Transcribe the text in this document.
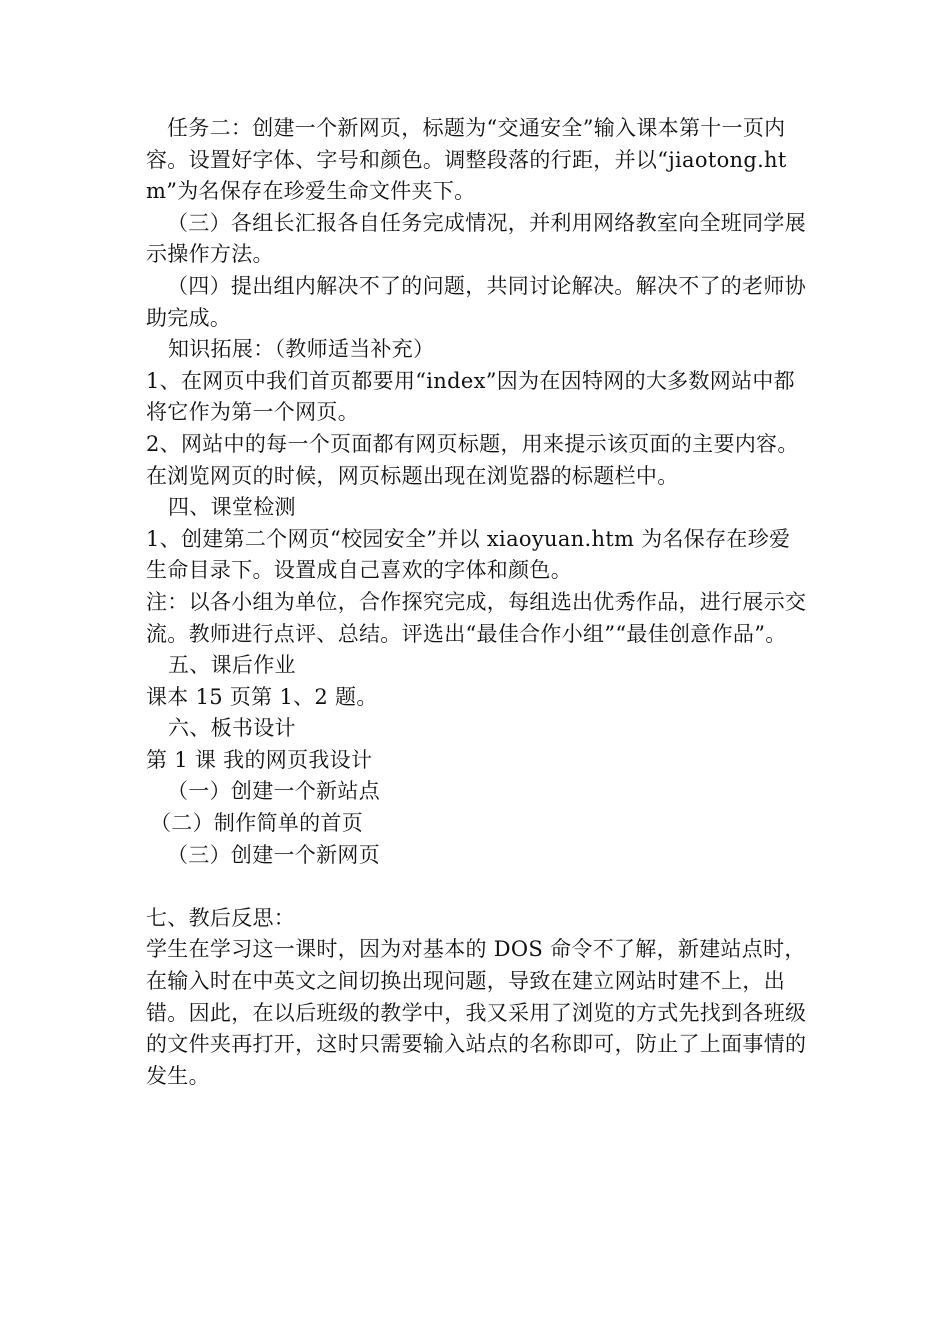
任务二：创建一个新网页，标题为“交通安全”输入课本第十一页内容。设置好字体、字号和颜色。调整段落的行距，并以“jiaotong.htm”为名保存在珍爱生命文件夹下。

（三）各组长汇报各自任务完成情况，并利用网络教室向全班同学展示操作方法。

（四）提出组内解决不了的问题，共同讨论解决。解决不了的老师协助完成。

知识拓展：（教师适当补充）

1、在网页中我们首页都要用“index”因为在因特网的大多数网站中都将它作为第一个网页。

2、网站中的每一个页面都有网页标题，用来提示该页面的主要内容。在浏览网页的时候，网页标题出现在浏览器的标题栏中。

四、课堂检测

1、创建第二个网页“校园安全”并以 xiaoyuan.htm 为名保存在珍爱生命目录下。设置成自己喜欢的字体和颜色。

注：以各小组为单位，合作探究完成，每组选出优秀作品，进行展示交流。教师进行点评、总结。评选出“最佳合作小组”“最佳创意作品”。

五、课后作业

课本 15 页第 1、2 题。

六、板书设计

第 1 课 我的网页我设计

（一）创建一个新站点

（二）制作简单的首页

（三）创建一个新网页

七、教后反思：

学生在学习这一课时，因为对基本的 DOS 命令不了解，新建站点时，在输入时在中英文之间切换出现问题，导致在建立网站时建不上，出错。因此，在以后班级的教学中，我又采用了浏览的方式先找到各班级的文件夹再打开，这时只需要输入站点的名称即可，防止了上面事情的发生。
